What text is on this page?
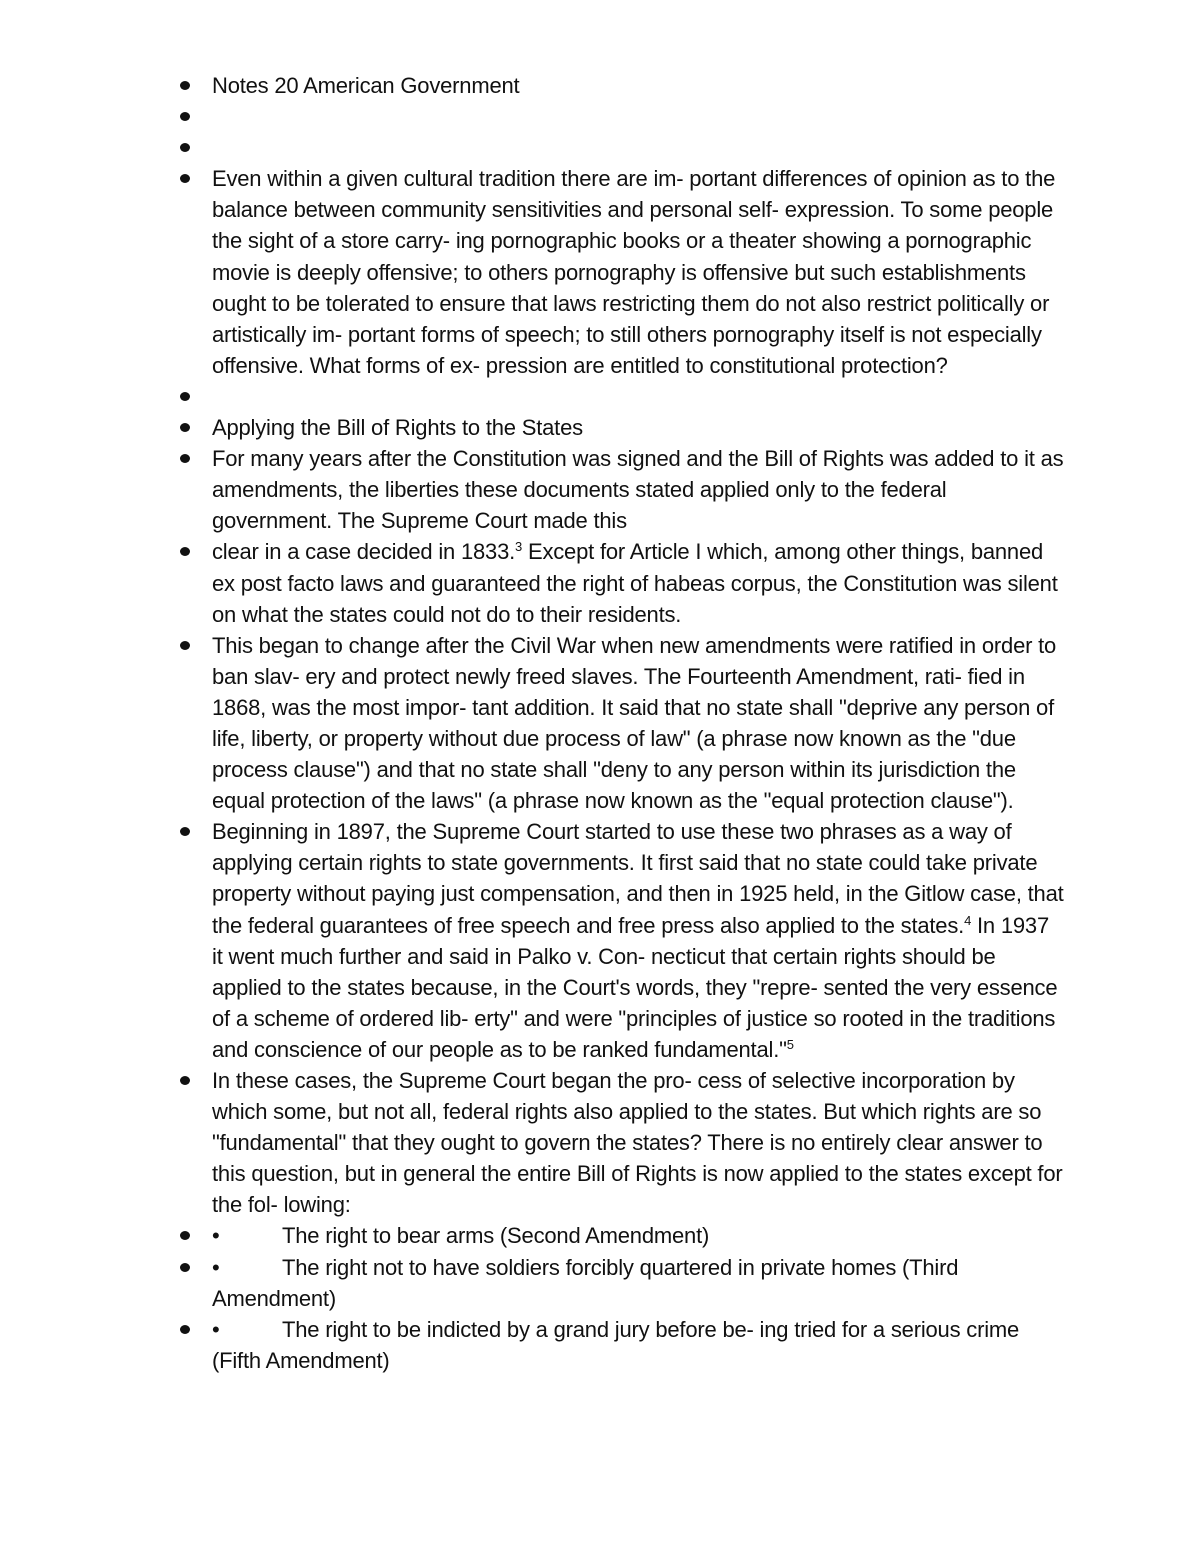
Notes 20 American Government
Even within a given cultural tradition there are im- portant differences of opinion as to the balance between community sensitivities and personal self- expression. To some people the sight of a store carry- ing pornographic books or a theater showing a pornographic movie is deeply offensive; to others pornography is offensive but such establishments ought to be tolerated to ensure that laws restricting them do not also restrict politically or artistically im- portant forms of speech; to still others pornography itself is not especially offensive. What forms of ex- pression are entitled to constitutional protection?
Applying the Bill of Rights to the States
For many years after the Constitution was signed and the Bill of Rights was added to it as amendments, the liberties these documents stated applied only to the federal government. The Supreme Court made this
clear in a case decided in 1833.$^3$ Except for Article I which, among other things, banned ex post facto laws and guaranteed the right of habeas corpus, the Constitution was silent on what the states could not do to their residents.
This began to change after the Civil War when new amendments were ratified in order to ban slav- ery and protect newly freed slaves. The Fourteenth Amendment, rati- fied in 1868, was the most impor- tant addition. It said that no state shall "deprive any person of life, liberty, or property without due process of law" (a phrase now known as the "due process clause") and that no state shall "deny to any person within its jurisdiction the equal protection of the laws" (a phrase now known as the "equal protection clause").
Beginning in 1897, the Supreme Court started to use these two phrases as a way of applying certain rights to state governments. It first said that no state could take private property without paying just compensation, and then in 1925 held, in the Gitlow case, that the federal guarantees of free speech and free press also applied to the states.$^4$ In 1937 it went much further and said in Palko v. Con- necticut that certain rights should be applied to the states because, in the Court's words, they "repre- sented the very essence of a scheme of ordered lib- erty" and were "principles of justice so rooted in the traditions and conscience of our people as to be ranked fundamental."$^5$
In these cases, the Supreme Court began the pro- cess of selective incorporation by which some, but not all, federal rights also applied to the states. But which rights are so "fundamental" that they ought to govern the states? There is no entirely clear answer to this question, but in general the entire Bill of Rights is now applied to the states except for the fol- lowing:
•	The right to bear arms (Second Amendment)
•	The right not to have soldiers forcibly quartered in private homes (Third Amendment)
•	The right to be indicted by a grand jury before be- ing tried for a serious crime (Fifth Amendment)
